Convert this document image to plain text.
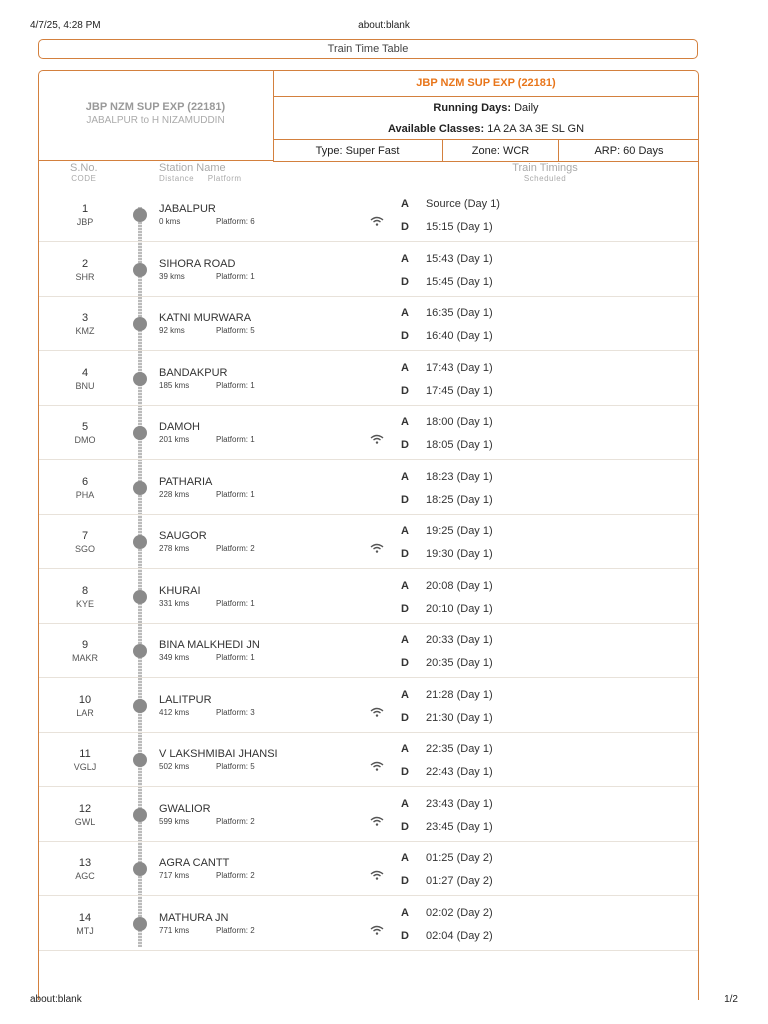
4/7/25, 4:28 PM	about:blank
Train Time Table
JBP NZM SUP EXP (22181)
JABALPUR to H NIZAMUDDIN
JBP NZM SUP EXP (22181)
Running Days: Daily
Available Classes: 1A 2A 3A 3E SL GN
Type: Super Fast	Zone: WCR	ARP: 60 Days
S.No.
CODE
Station Name
Distance Platform
Train Timings
Scheduled
1
JBP
JABALPUR
0 kms	Platform: 6
A Source (Day 1)
D 15:15 (Day 1)
2
SHR
SIHORA ROAD
39 kms	Platform: 1
A 15:43 (Day 1)
D 15:45 (Day 1)
3
KMZ
KATNI MURWARA
92 kms	Platform: 5
A 16:35 (Day 1)
D 16:40 (Day 1)
4
BNU
BANDAKPUR
185 kms	Platform: 1
A 17:43 (Day 1)
D 17:45 (Day 1)
5
DMO
DAMOH
201 kms	Platform: 1
A 18:00 (Day 1)
D 18:05 (Day 1)
6
PHA
PATHARIA
228 kms	Platform: 1
A 18:23 (Day 1)
D 18:25 (Day 1)
7
SGO
SAUGOR
278 kms	Platform: 2
A 19:25 (Day 1)
D 19:30 (Day 1)
8
KYE
KHURAI
331 kms	Platform: 1
A 20:08 (Day 1)
D 20:10 (Day 1)
9
MAKR
BINA MALKHEDI JN
349 kms	Platform: 1
A 20:33 (Day 1)
D 20:35 (Day 1)
10
LAR
LALITPUR
412 kms	Platform: 3
A 21:28 (Day 1)
D 21:30 (Day 1)
11
VGLJ
V LAKSHMIBAI JHANSI
502 kms	Platform: 5
A 22:35 (Day 1)
D 22:43 (Day 1)
12
GWL
GWALIOR
599 kms	Platform: 2
A 23:43 (Day 1)
D 23:45 (Day 1)
13
AGC
AGRA CANTT
717 kms	Platform: 2
A 01:25 (Day 2)
D 01:27 (Day 2)
14
MTJ
MATHURA JN
771 kms	Platform: 2
A 02:02 (Day 2)
D 02:04 (Day 2)
about:blank	1/2
